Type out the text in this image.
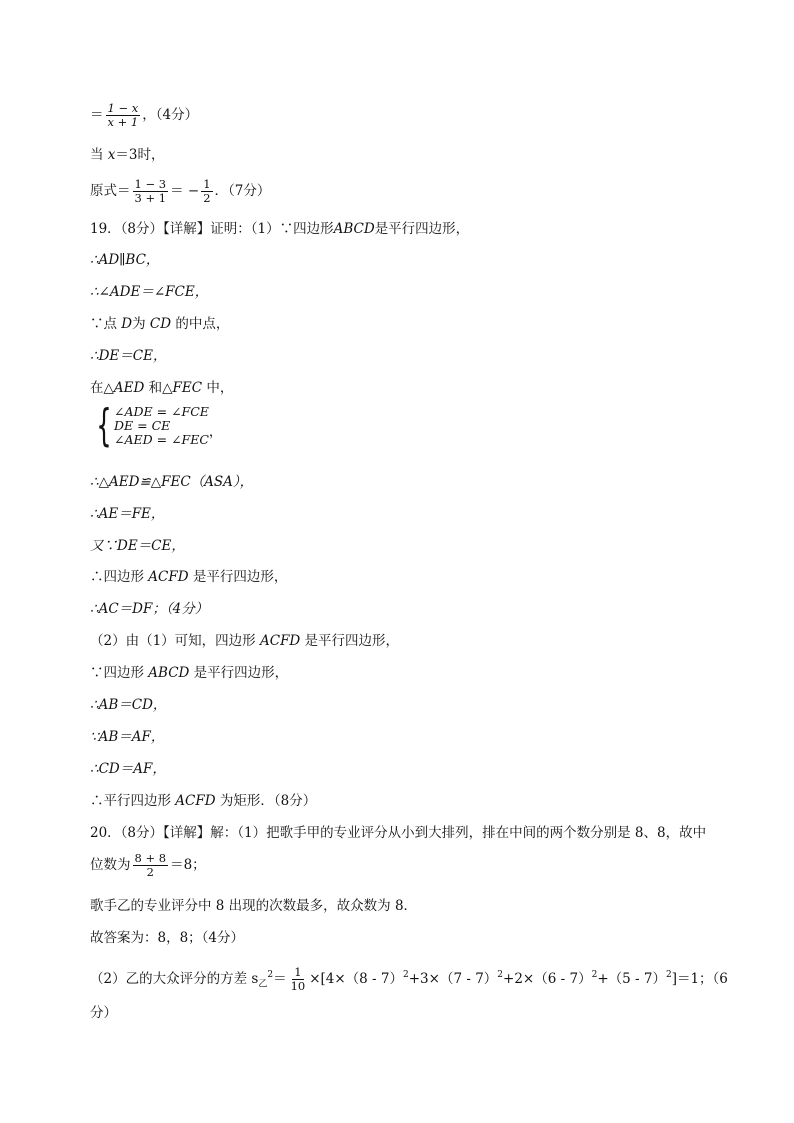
＝ $\frac{1 - x}{x + 1}$ ，（4分）
当 x＝3时，
原式＝ $\frac{1 - 3}{3 + 1}$ ＝ − $\frac{1}{2}$ ．（7分）
19．（8分）【详解】证明：（1）∵四边形ABCD是平行四边形，
∴AD∥BC，
∴∠ADE＝∠FCE，
∵点 D为 CD 的中点，
∴DE＝CE，
在△AED 和△FEC 中，
{ ∠ADE = ∠FCE
DE = CE
∠AED = ∠FEC ，
∴△AED≌△FEC（ASA），
∴AE＝FE，
又∵DE＝CE，
∴四边形 ACFD 是平行四边形，
∴AC＝DF；（4分）
（2）由（1）可知，四边形 ACFD 是平行四边形，
∵四边形 ABCD 是平行四边形，
∴AB＝CD，
∵AB＝AF，
∴CD＝AF，
∴平行四边形 ACFD 为矩形．（8分）
20．（8分）【详解】解：（1）把歌手甲的专业评分从小到大排列，排在中间的两个数分别是 8、8，故中
位数为 $\frac{8 + 8}{2} =8$；
歌手乙的专业评分中 8 出现的次数最多，故众数为 8．
故答案为：8，8；（4分）
（2）乙的大众评分的方差 $s_乙^2= \frac{1}{10} \times[4\times(8 - 7)^2+3\times(7 - 7)^2+2\times(6 - 7)^2+(5 - 7)^2]=1$；（6
分）
